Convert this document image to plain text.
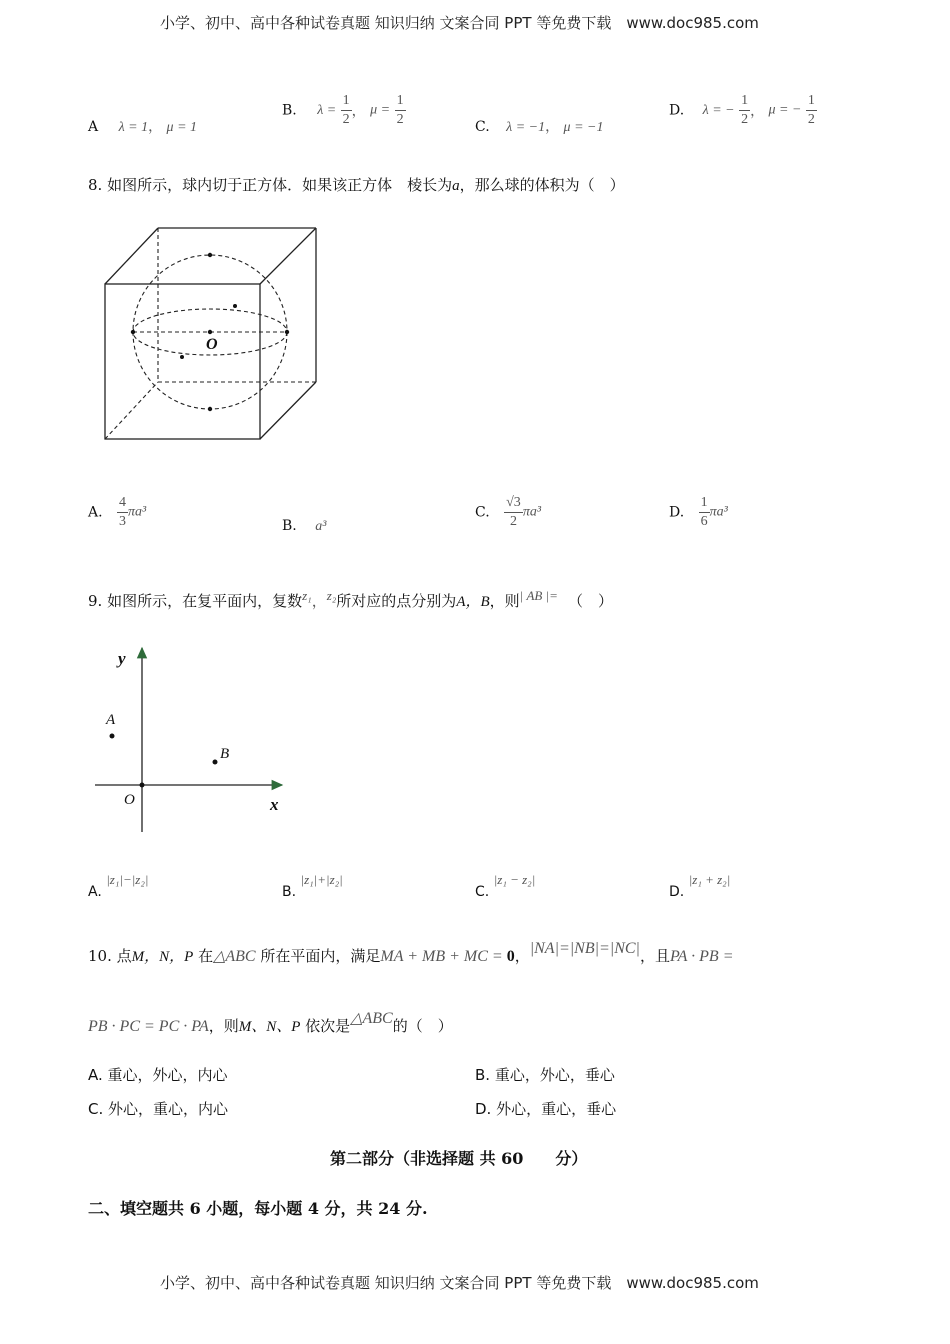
小学、初中、高中各种试卷真题 知识归纳 文案合同 PPT 等免费下载　www.doc985.com
小学、初中、高中各种试卷真题 知识归纳 文案合同 PPT 等免费下载　www.doc985.com
A λ = 1， μ = 1
B. $\lambda = \frac{1}{2}$ ， $\mu = \frac{1}{2}$	C. λ = −1， μ = −1
D. λ = − $\frac{1}{2}$ ， μ = − $\frac{1}{2}$
8. 如图所示，球内切于正方体．如果该正方体　棱长为a，那么球的体积为（　）
O
A. $\frac{4}{3} \pi a^3$
B. a³
C. $\frac{√3}{2} \pi a^3$	D. $\frac{1}{6} \pi a^3$
9. 如图所示，在复平面内，复数z₁，z₂所对应的点分别为A，B，则| AB |= （　）
y
x
O
A
B
A. |z₁|−|z₂|
B. |z₁|+|z₂|
C. |z₁ − z₂|
D. |z₁ + z₂|
10. 点M，N，P 在△ABC 所在平面内，满足MA + MB + MC = 0，|NA|=|NB|=|NC|，且PA · PB =
PB · PC = PC · PA，则M、N、P 依次是△ABC的（　）
A. 重心，外心，内心	B. 重心，外心，垂心
C. 外心，重心，内心	D. 外心，重心，垂心
第二部分（非选择题 共 60　　分）
二、填空题共 6 小题，每小题 4 分，共 24 分.
